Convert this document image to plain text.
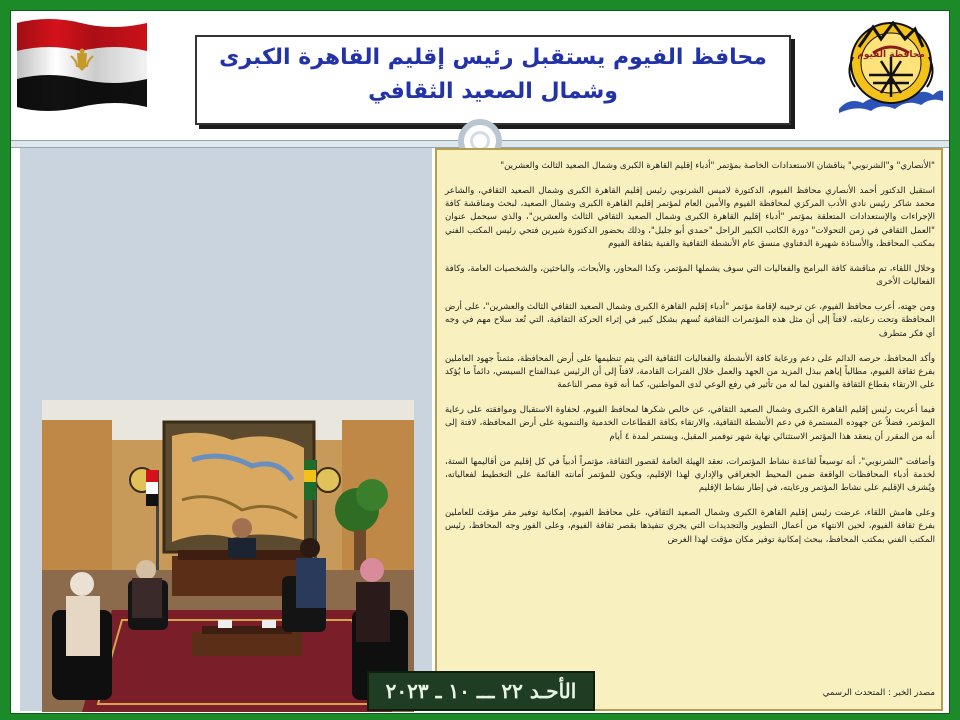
محافظ الفيوم يستقبل رئيس إقليم القاهرة الكبرى وشمال الصعيد الثقافي
محافظة الفيوم

"الأنصاري" و"الشرنوبي" يناقشان الاستعدادات الخاصة بمؤتمر "أدباء إقليم القاهرة الكبرى وشمال الصعيد الثالث والعشرين"

استقبل الدكتور أحمد الأنصاري محافظ الفيوم، الدكتورة لاميس الشرنوبي رئيس إقليم القاهرة الكبرى وشمال الصعيد الثقافي، والشاعر محمد شاكر رئيس نادي الأدب المركزي لمحافظة الفيوم والأمين العام لمؤتمر إقليم القاهرة الكبرى وشمال الصعيد، لبحث ومناقشة كافة الإجراءات والإستعدادات المتعلقة بمؤتمر "أدباء إقليم القاهرة الكبرى وشمال الصعيد الثقافي الثالث والعشرين"، والذي سيحمل عنوان "العمل الثقافي في زمن التحولات" دورة الكاتب الكبير الراحل "حمدي أبو جليل"، وذلك بحضور الدكتورة شيرين فتحي رئيس المكتب الفني بمكتب المحافظ، والأستاذة شهيرة الدفناوي منسق عام الأنشطة الثقافية والفنية بثقافة الفيوم

وخلال اللقاء، تم مناقشة كافة البرامج والفعاليات التي سوف يشملها المؤتمر، وكذا المحاور، والأبحاث، والباحثين، والشخصيات العامة، وكافة الفعاليات الأخرى

ومن جهته، أعرب محافظ الفيوم، عن ترحيبه لإقامة مؤتمر "أدباء إقليم القاهرة الكبرى وشمال الصعيد الثقافي الثالث والعشرين"، على أرض المحافظة وتحت رعايته، لافتاً إلى أن مثل هذه المؤتمرات الثقافية تُسهم بشكل كبير في إثراء الحركة الثقافية، التي تُعد سلاح مهم في وجه أي فكر متطرف

وأكد المحافظ، حرصه الدائم على دعم ورعاية كافة الأنشطة والفعاليات الثقافية التي يتم تنظيمها على أرض المحافظة، مثمناً جهود العاملين بفرع ثقافة الفيوم، مطالباً إياهم ببذل المزيد من الجهد والعمل خلال الفترات القادمة، لافتاً إلى أن الرئيس عبدالفتاح السيسي، دائماً ما يُؤكد على الارتقاء بقطاع الثقافة والفنون لما له من تأثير في رفع الوعي لدى المواطنين، كما أنه قوة مصر الناعمة

فيما أعربت رئيس إقليم القاهرة الكبرى وشمال الصعيد الثقافي، عن خالص شكرها لمحافظ الفيوم، لحفاوة الاستقبال وموافقته على رعاية المؤتمر، فضلاً عن جهوده المستمرة في دعم الأنشطة الثقافية، والارتقاء بكافة القطاعات الخدمية والتنموية على أرض المحافظة، لافتة إلى أنه من المقرر أن ينعقد هذا المؤتمر الاستثنائي نهاية شهر نوفمبر المقبل، ويستمر لمدة ٤ أيام

وأضافت "الشرنوبي"، أنه توسيعاً لقاعدة نشاط المؤتمرات، تعقد الهيئة العامة لقصور الثقافة، مؤتمراً أدبياً في كل إقليم من أقاليمها الستة، لخدمة أدباء المحافظات الواقعة ضمن المحيط الجغرافي والإداري لهذا الإقليم، ويكون للمؤتمر أمانته القائمة على التخطيط لفعالياته، ويُشرف الإقليم على نشاط المؤتمر ورعايته، في إطار نشاط الإقليم

وعلى هامش اللقاء، عرضت رئيس إقليم القاهرة الكبرى وشمال الصعيد الثقافي، على محافظ الفيوم، إمكانية توفير مقر مؤقت للعاملين بفرع ثقافة الفيوم، لحين الانتهاء من أعمال التطوير والتجديدات التي يجري تنفيذها بقصر ثقافة الفيوم، وعلى الفور وجه المحافظ، رئيس المكتب الفني بمكتب المحافظ، ببحث إمكانية توفير مكان مؤقت لهذا الغرض

مصدر الخبر : المتحدث الرسمي
الأحـد ٢٢ ـــ ١٠ ـ ٢٠٢٣
